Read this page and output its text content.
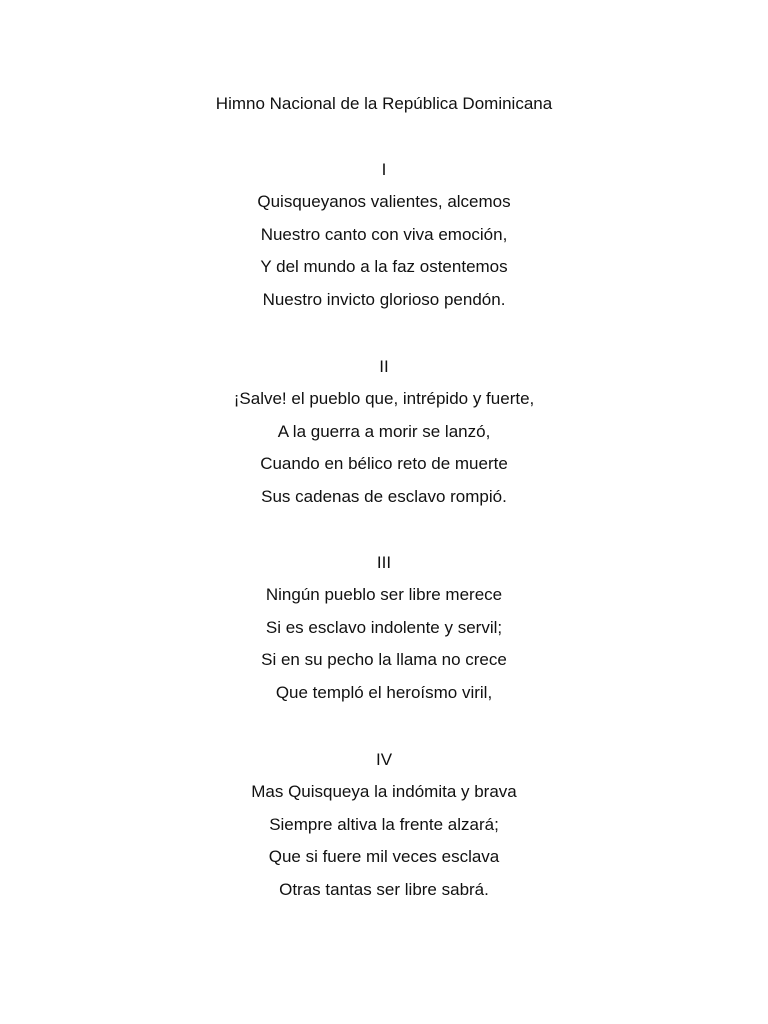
Himno Nacional de la República Dominicana
I
Quisqueyanos valientes, alcemos
Nuestro canto con viva emoción,
Y del mundo a la faz ostentemos
Nuestro invicto glorioso pendón.
II
¡Salve! el pueblo que, intrépido y fuerte,
A la guerra a morir se lanzó,
Cuando en bélico reto de muerte
Sus cadenas de esclavo rompió.
III
Ningún pueblo ser libre merece
Si es esclavo indolente y servil;
Si en su pecho la llama no crece
Que templó el heroísmo viril,
IV
Mas Quisqueya la indómita y brava
Siempre altiva la frente alzará;
Que si fuere mil veces esclava
Otras tantas ser libre sabrá.
